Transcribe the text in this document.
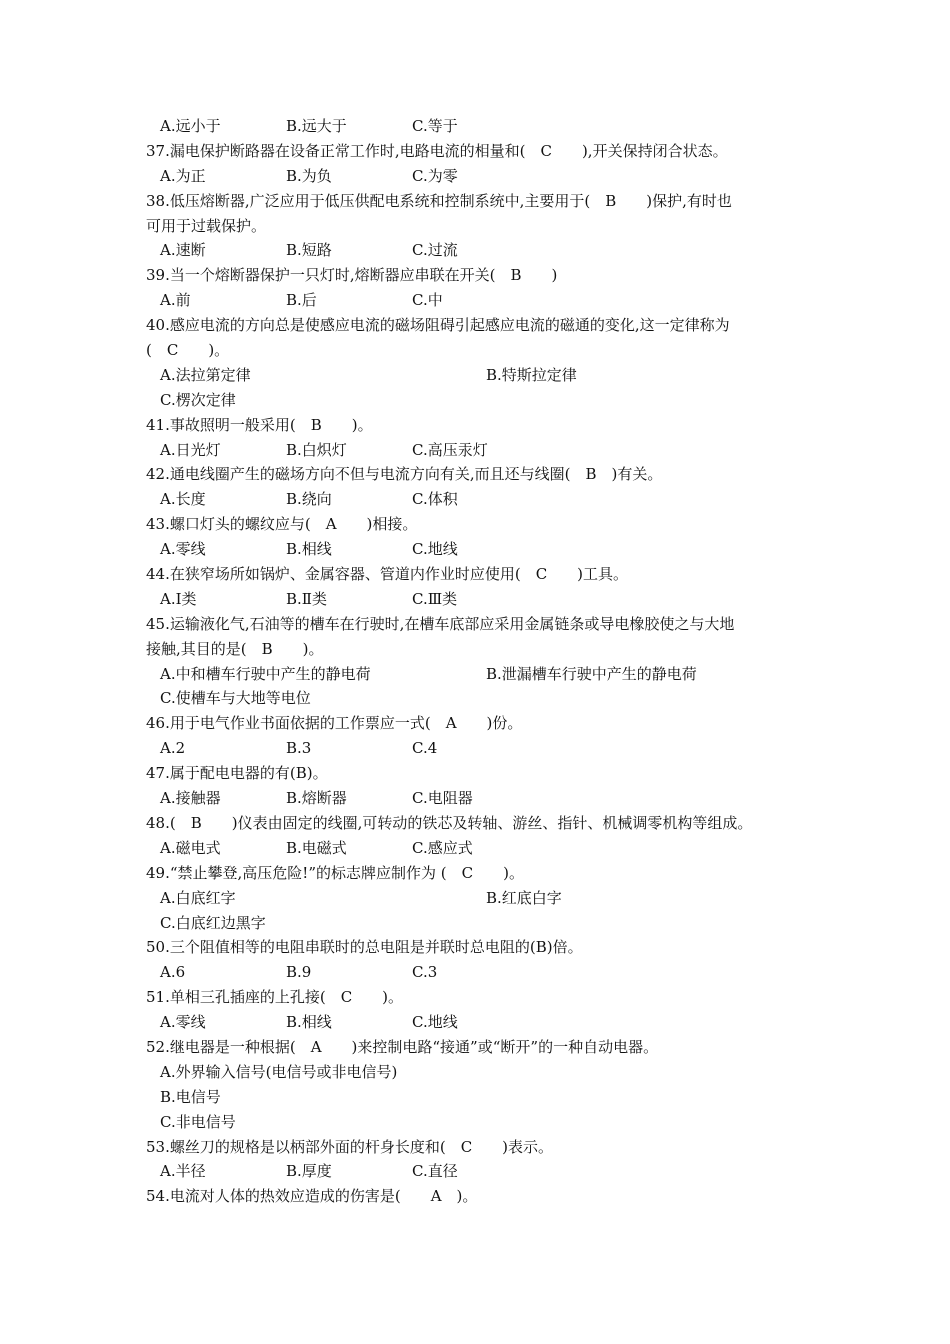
A.远小于	B.远大于	C.等于
37.漏电保护断路器在设备正常工作时,电路电流的相量和(　C　　),开关保持闭合状态。
A.为正	B.为负	C.为零
38.低压熔断器,广泛应用于低压供配电系统和控制系统中,主要用于(　B　　)保护,有时也
可用于过载保护。
A.速断	B.短路	C.过流
39.当一个熔断器保护一只灯时,熔断器应串联在开关(　B　　)
A.前	B.后	C.中
40.感应电流的方向总是使感应电流的磁场阻碍引起感应电流的磁通的变化,这一定律称为
(　C　　)。
A.法拉第定律	B.特斯拉定律
C.楞次定律
41.事故照明一般采用(　B　　)。
A.日光灯	B.白炽灯	C.高压汞灯
42.通电线圈产生的磁场方向不但与电流方向有关,而且还与线圈(　B　)有关。
A.长度	B.绕向	C.体积
43.螺口灯头的螺纹应与(　A　　)相接。
A.零线	B.相线	C.地线
44.在狭窄场所如锅炉、金属容器、管道内作业时应使用(　C　　)工具。
A.Ⅰ类	B.Ⅱ类	C.Ⅲ类
45.运输液化气,石油等的槽车在行驶时,在槽车底部应采用金属链条或导电橡胶使之与大地
接触,其目的是(　B　　)。
A.中和槽车行驶中产生的静电荷	B.泄漏槽车行驶中产生的静电荷
C.使槽车与大地等电位
46.用于电气作业书面依据的工作票应一式(　A　　)份。
A.2	B.3	C.4
47.属于配电电器的有(B)。
A.接触器	B.熔断器	C.电阻器
48.(　B　　)仪表由固定的线圈,可转动的铁芯及转轴、游丝、指针、机械调零机构等组成。
A.磁电式	B.电磁式	C.感应式
49.“禁止攀登,高压危险!”的标志牌应制作为 (　C　　)。
A.白底红字	B.红底白字
C.白底红边黑字
50.三个阻值相等的电阻串联时的总电阻是并联时总电阻的(B)倍。
A.6	B.9	C.3
51.单相三孔插座的上孔接(　C　　)。
A.零线	B.相线	C.地线
52.继电器是一种根据(　A　　)来控制电路“接通”或“断开”的一种自动电器。
A.外界输入信号(电信号或非电信号)
B.电信号
C.非电信号
53.螺丝刀的规格是以柄部外面的杆身长度和(　C　　)表示。
A.半径	B.厚度	C.直径
54.电流对人体的热效应造成的伤害是(　　A　)。
